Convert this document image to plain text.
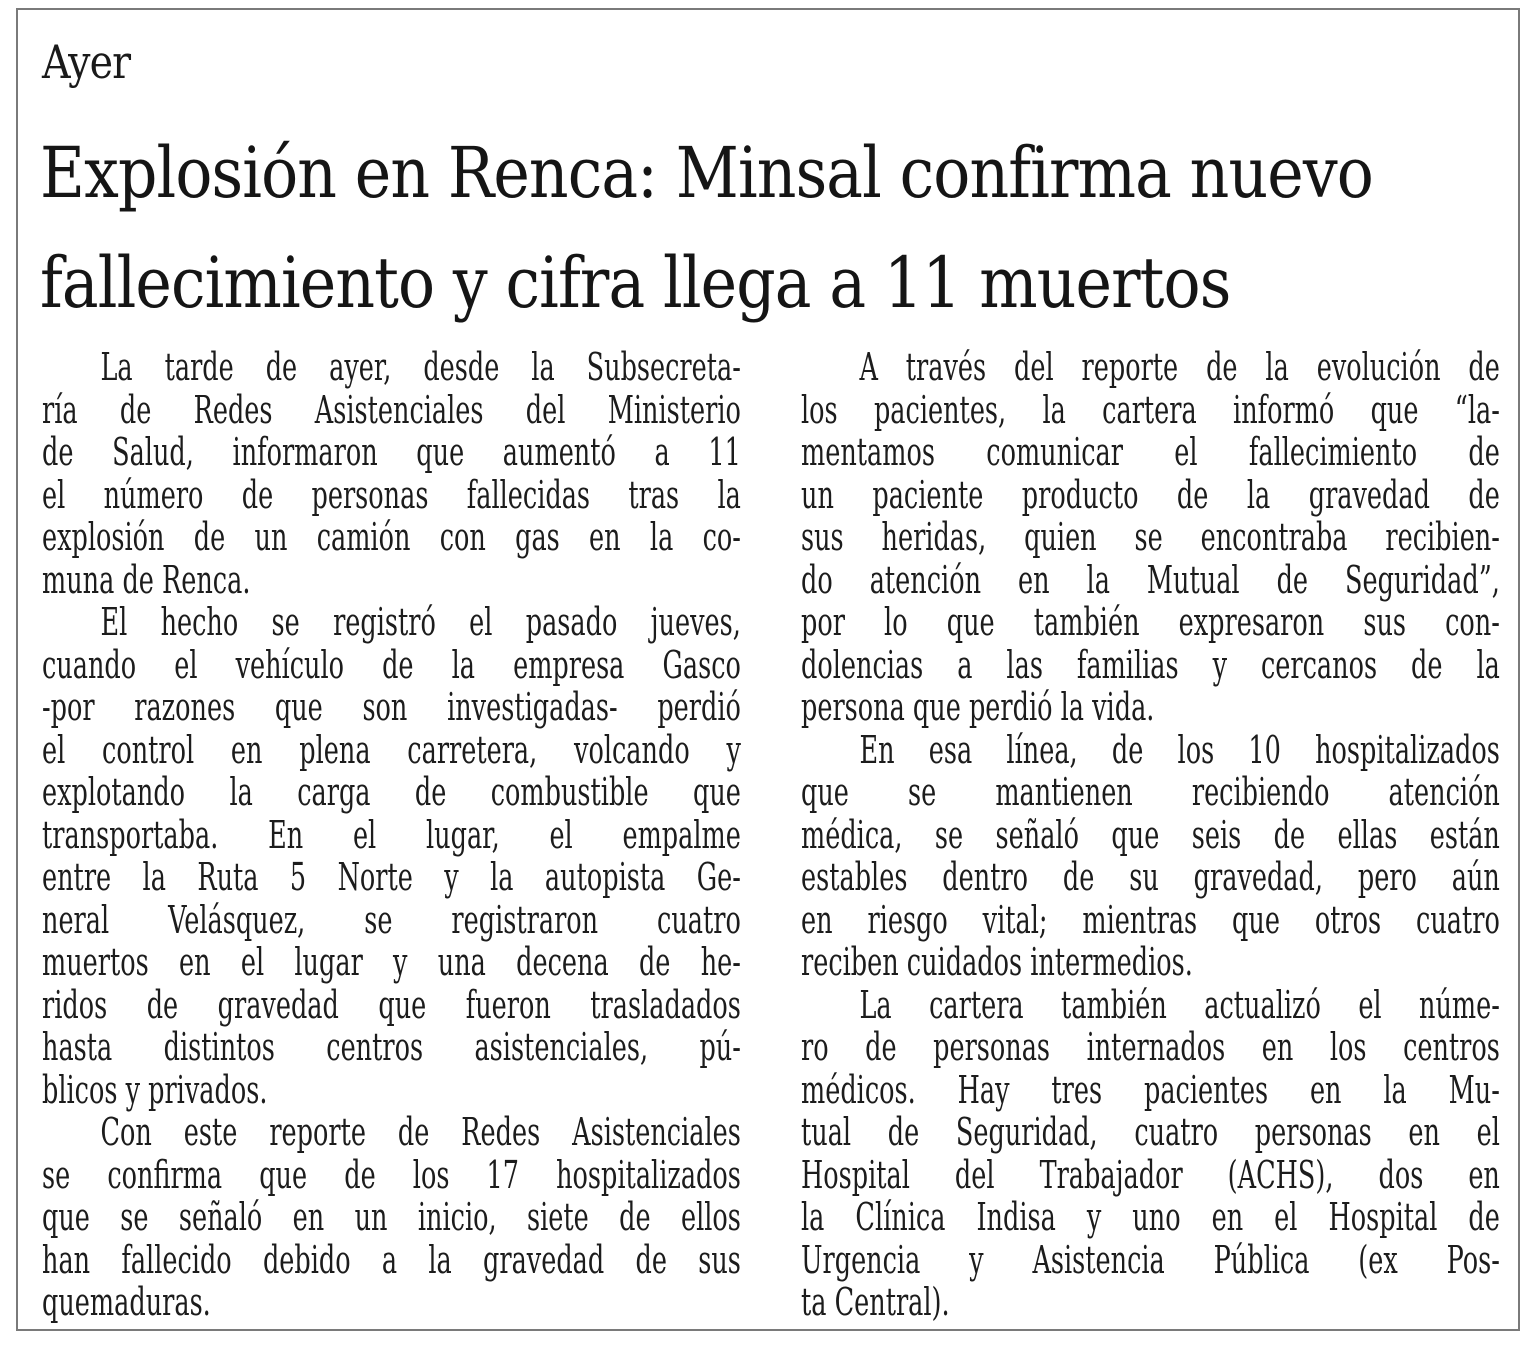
Ayer
Explosión en Renca: Minsal confirma nuevo
fallecimiento y cifra llega a 11 muertos
La tarde de ayer, desde la Subsecreta-
ría de Redes Asistenciales del Ministerio
de Salud, informaron que aumentó a 11
el número de personas fallecidas tras la
explosión de un camión con gas en la co-
muna de Renca.
El hecho se registró el pasado jueves,
cuando el vehículo de la empresa Gasco
-por razones que son investigadas- perdió
el control en plena carretera, volcando y
explotando la carga de combustible que
transportaba. En el lugar, el empalme
entre la Ruta 5 Norte y la autopista Ge-
neral Velásquez, se registraron cuatro
muertos en el lugar y una decena de he-
ridos de gravedad que fueron trasladados
hasta distintos centros asistenciales, pú-
blicos y privados.
Con este reporte de Redes Asistenciales
se confirma que de los 17 hospitalizados
que se señaló en un inicio, siete de ellos
han fallecido debido a la gravedad de sus
quemaduras.
A través del reporte de la evolución de
los pacientes, la cartera informó que “la-
mentamos comunicar el fallecimiento de
un paciente producto de la gravedad de
sus heridas, quien se encontraba recibien-
do atención en la Mutual de Seguridad”,
por lo que también expresaron sus con-
dolencias a las familias y cercanos de la
persona que perdió la vida.
En esa línea, de los 10 hospitalizados
que se mantienen recibiendo atención
médica, se señaló que seis de ellas están
estables dentro de su gravedad, pero aún
en riesgo vital; mientras que otros cuatro
reciben cuidados intermedios.
La cartera también actualizó el núme-
ro de personas internados en los centros
médicos. Hay tres pacientes en la Mu-
tual de Seguridad, cuatro personas en el
Hospital del Trabajador (ACHS), dos en
la Clínica Indisa y uno en el Hospital de
Urgencia y Asistencia Pública (ex Pos-
ta Central).
